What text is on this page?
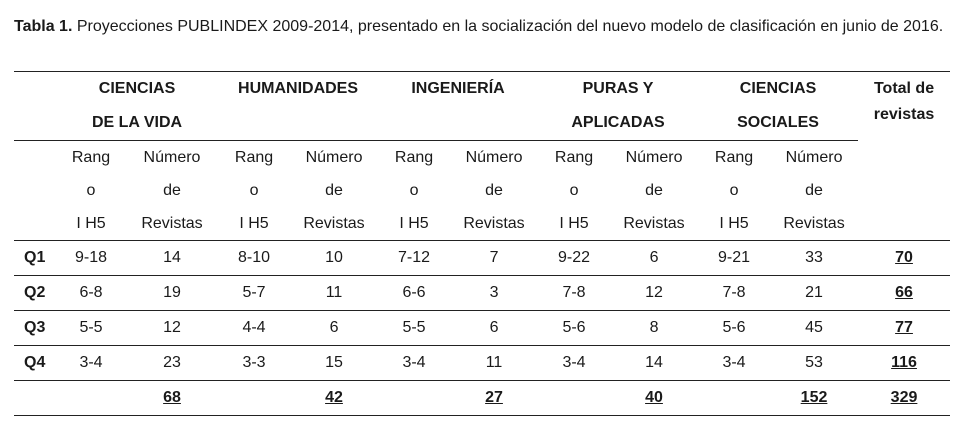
Tabla 1. Proyecciones PUBLINDEX 2009-2014, presentado en la socialización del nuevo modelo de clasificación en junio de 2016.
	CIENCIAS		HUMANIDADES		INGENIERÍA		PURAS Y		CIENCIAS		Total de
	DE LA VIDA						APLICADAS		SOCIALES		revistas
	Rang	Número	Rang	Número	Rang	Número	Rang	Número	Rang	Número	
	o	de	o	de	o	de	o	de	o	de	
	I H5	Revistas	I H5	Revistas	I H5	Revistas	I H5	Revistas	I H5	Revistas	
Q1	9-18	14	8-10	10	7-12	7	9-22	6	9-21	33	70
Q2	6-8	19	5-7	11	6-6	3	7-8	12	7-8	21	66
Q3	5-5	12	4-4	6	5-5	6	5-6	8	5-6	45	77
Q4	3-4	23	3-3	15	3-4	11	3-4	14	3-4	53	116
		68		42		27		40		152	329
